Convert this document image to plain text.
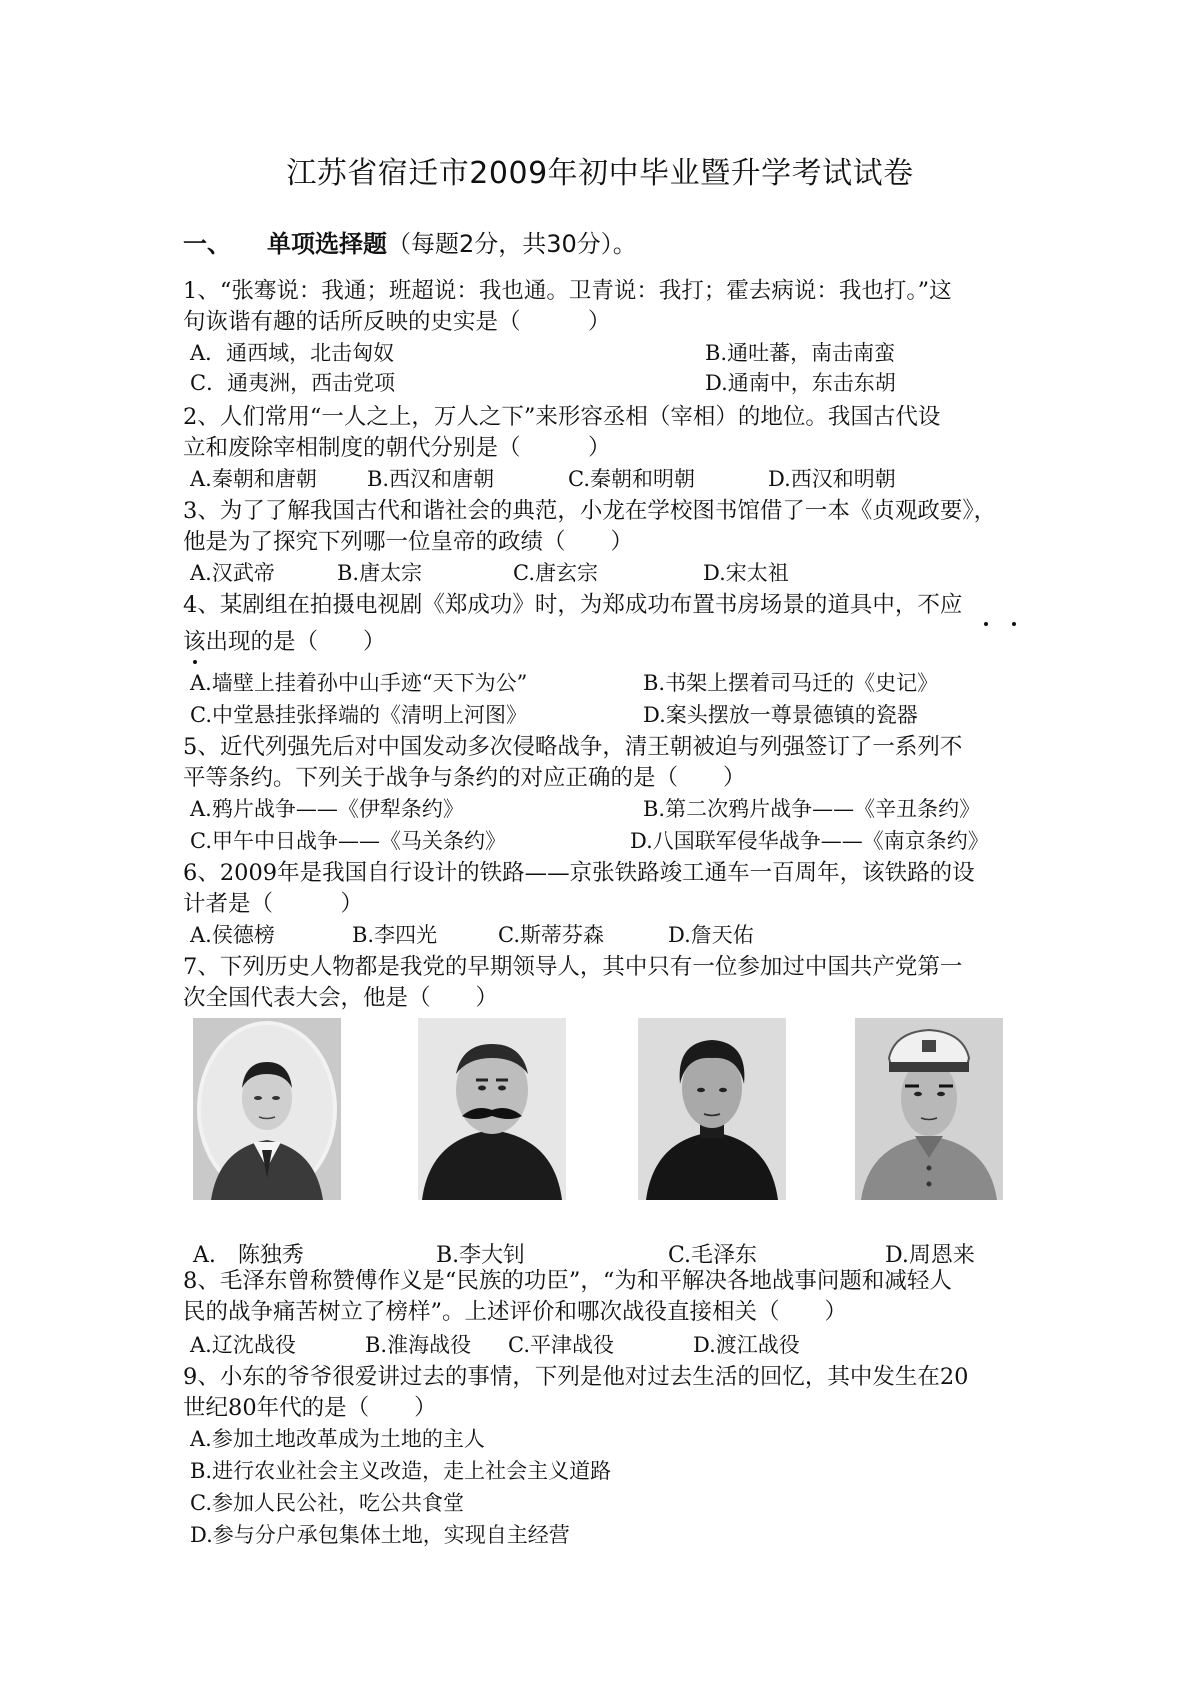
江苏省宿迁市2009年初中毕业暨升学考试试卷
一、 单项选择题（每题2分，共30分）。
1、“张骞说：我通；班超说：我也通。卫青说：我打；霍去病说：我也打。”这
句诙谐有趣的话所反映的史实是（　　　）
A．通西域，北击匈奴	B.通吐蕃，南击南蛮
C．通夷洲，西击党项	D.通南中，东击东胡
2、人们常用“一人之上，万人之下”来形容丞相（宰相）的地位。我国古代设
立和废除宰相制度的朝代分别是（　　　）
A.秦朝和唐朝 B.西汉和唐朝	C.秦朝和明朝	D.西汉和明朝
3、为了了解我国古代和谐社会的典范，小龙在学校图书馆借了一本《贞观政要》，
他是为了探究下列哪一位皇帝的政绩（　　）
A.汉武帝	B.唐太宗	C.唐玄宗	D.宋太祖
4、某剧组在拍摄电视剧《郑成功》时，为郑成功布置书房场景的道具中，不应
该出现的是（　　）
A.墙壁上挂着孙中山手迹“天下为公”	B.书架上摆着司马迁的《史记》
C.中堂悬挂张择端的《清明上河图》	D.案头摆放一尊景德镇的瓷器
5、近代列强先后对中国发动多次侵略战争，清王朝被迫与列强签订了一系列不
平等条约。下列关于战争与条约的对应正确的是（　　）
A.鸦片战争——《伊犁条约》	B.第二次鸦片战争——《辛丑条约》
C.甲午中日战争——《马关条约》	D.八国联军侵华战争——《南京条约》
6、2009年是我国自行设计的铁路——京张铁路竣工通车一百周年，该铁路的设
计者是（　　　）
A.侯德榜	B.李四光	C.斯蒂芬森	D.詹天佑
7、下列历史人物都是我党的早期领导人，其中只有一位参加过中国共产党第一
次全国代表大会，他是（　　）
A.　陈独秀	B.李大钊	C.毛泽东	D.周恩来
8、毛泽东曾称赞傅作义是“民族的功臣”，“为和平解决各地战事问题和减轻人
民的战争痛苦树立了榜样”。上述评价和哪次战役直接相关（　　）
A.辽沈战役	B.淮海战役 C.平津战役	D.渡江战役
9、小东的爷爷很爱讲过去的事情，下列是他对过去生活的回忆，其中发生在20
世纪80年代的是（　　）
A.参加土地改革成为土地的主人
B.进行农业社会主义改造，走上社会主义道路
C.参加人民公社，吃公共食堂
D.参与分户承包集体土地，实现自主经营
